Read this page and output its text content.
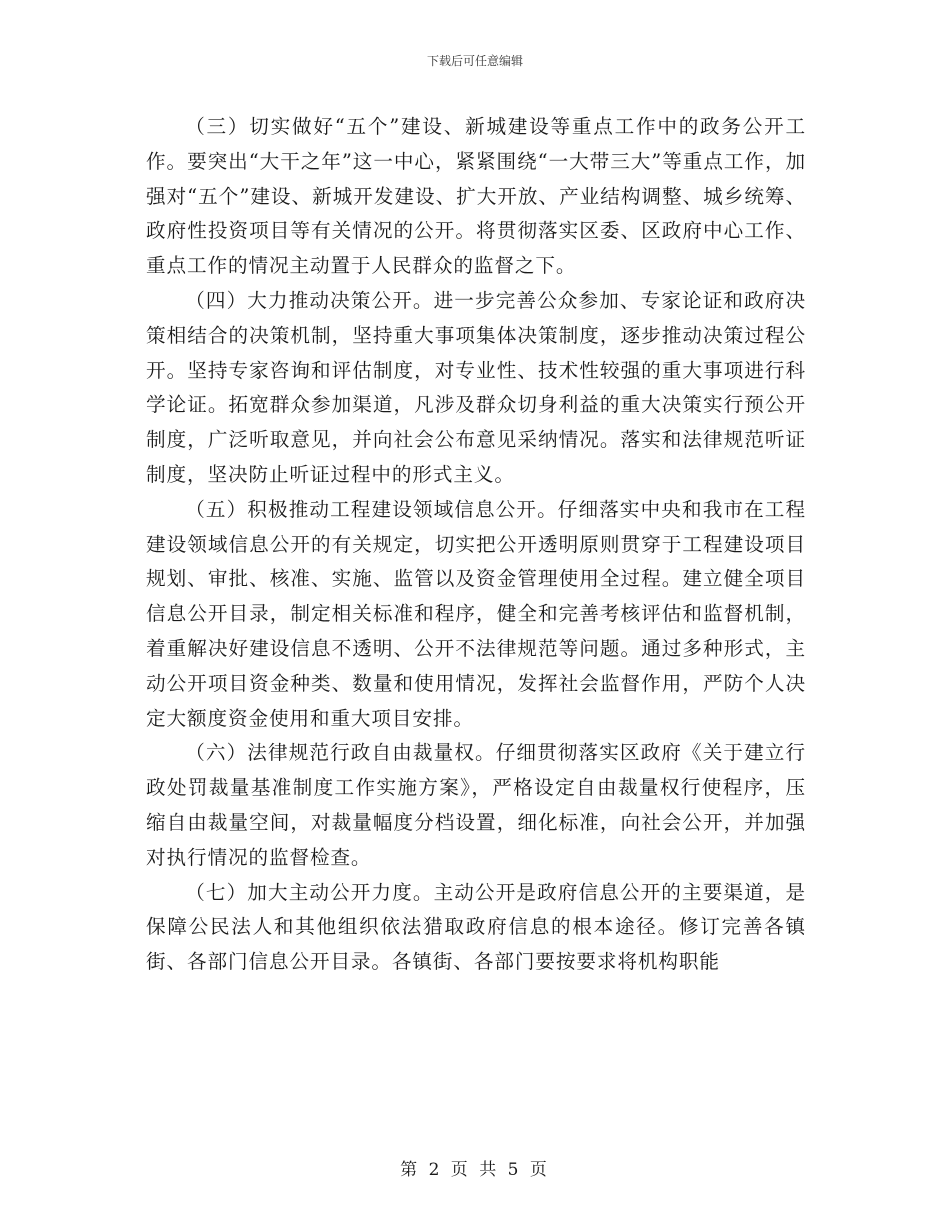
下载后可任意编辑

（三）切实做好“五个”建设、新城建设等重点工作中的政务公开工作。要突出“大干之年”这一中心，紧紧围绕“一大带三大”等重点工作，加强对“五个”建设、新城开发建设、扩大开放、产业结构调整、城乡统筹、政府性投资项目等有关情况的公开。将贯彻落实区委、区政府中心工作、重点工作的情况主动置于人民群众的监督之下。

（四）大力推动决策公开。进一步完善公众参加、专家论证和政府决策相结合的决策机制，坚持重大事项集体决策制度，逐步推动决策过程公开。坚持专家咨询和评估制度，对专业性、技术性较强的重大事项进行科学论证。拓宽群众参加渠道，凡涉及群众切身利益的重大决策实行预公开制度，广泛听取意见，并向社会公布意见采纳情况。落实和法律规范听证制度，坚决防止听证过程中的形式主义。

（五）积极推动工程建设领域信息公开。仔细落实中央和我市在工程建设领域信息公开的有关规定，切实把公开透明原则贯穿于工程建设项目规划、审批、核准、实施、监管以及资金管理使用全过程。建立健全项目信息公开目录，制定相关标准和程序，健全和完善考核评估和监督机制，着重解决好建设信息不透明、公开不法律规范等问题。通过多种形式，主动公开项目资金种类、数量和使用情况，发挥社会监督作用，严防个人决定大额度资金使用和重大项目安排。

（六）法律规范行政自由裁量权。仔细贯彻落实区政府《关于建立行政处罚裁量基准制度工作实施方案》，严格设定自由裁量权行使程序，压缩自由裁量空间，对裁量幅度分档设置，细化标准，向社会公开，并加强对执行情况的监督检查。

（七）加大主动公开力度。主动公开是政府信息公开的主要渠道，是保障公民法人和其他组织依法猎取政府信息的根本途径。修订完善各镇街、各部门信息公开目录。各镇街、各部门要按要求将机构职能

第 2 页 共 5 页
